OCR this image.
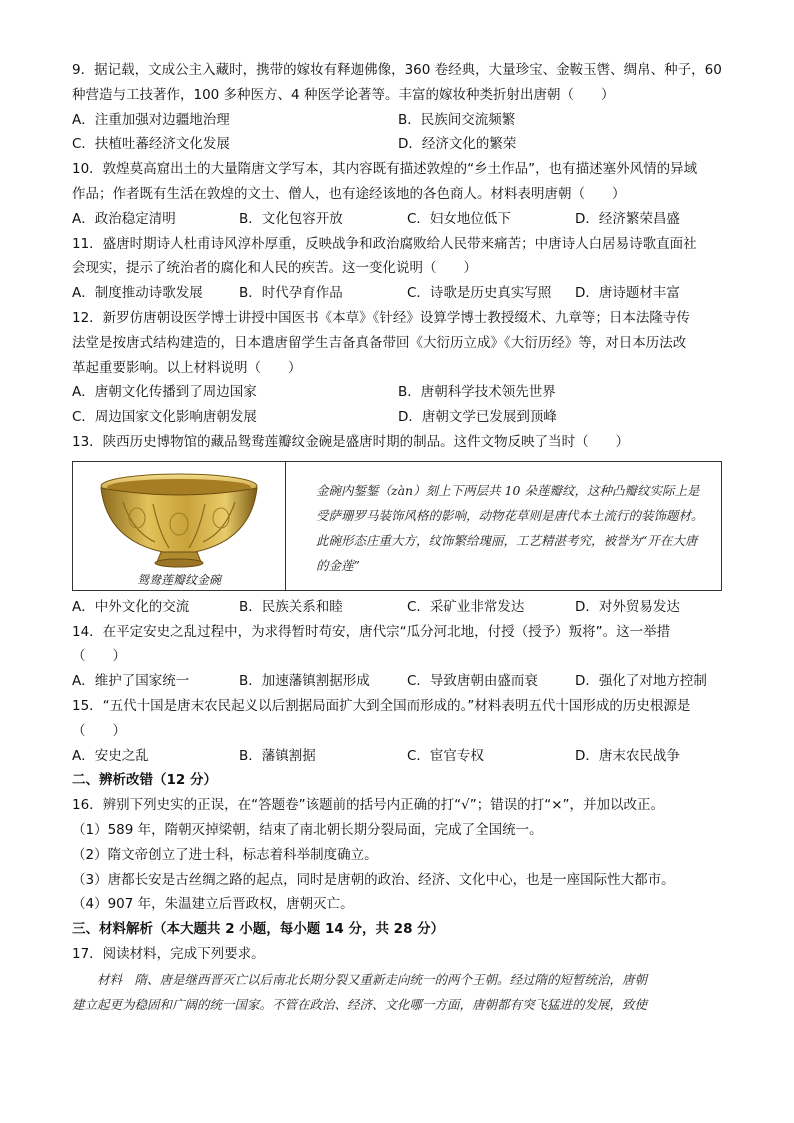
9．据记载，文成公主入藏时，携带的嫁妆有释迦佛像，360 卷经典，大量珍宝、金鞍玉辔、绸帛、种子，60

种营造与工技著作，100 多种医方、4 种医学论著等。丰富的嫁妆种类折射出唐朝（　　）

A．注重加强对边疆地治理	B．民族间交流频繁

C．扶植吐蕃经济文化发展	D．经济文化的繁荣

10．敦煌莫高窟出土的大量隋唐文学写本，其内容既有描述敦煌的“乡土作品”，也有描述塞外风情的异域

作品；作者既有生活在敦煌的文士、僧人，也有途经该地的各色商人。材料表明唐朝（　　）

A．政治稳定清明	B．文化包容开放	C．妇女地位低下	D．经济繁荣昌盛

11．盛唐时期诗人杜甫诗风淳朴厚重，反映战争和政治腐败给人民带来痛苦；中唐诗人白居易诗歌直面社

会现实，提示了统治者的腐化和人民的疾苦。这一变化说明（　　）

A．制度推动诗歌发展	B．时代孕育作品	C．诗歌是历史真实写照	D．唐诗题材丰富

12．新罗仿唐朝设医学博士讲授中国医书《本草》《针经》设算学博士教授缀术、九章等；日本法隆寺传

法堂是按唐式结构建造的，日本遣唐留学生吉备真备带回《大衍历立成》《大衍历经》等，对日本历法改

革起重要影响。以上材料说明（　　）

A．唐朝文化传播到了周边国家	B．唐朝科学技术领先世界

C．周边国家文化影响唐朝发展	D．唐朝文学已发展到顶峰

13．陕西历史博物馆的藏品鸳鸯莲瓣纹金碗是盛唐时期的制品。这件文物反映了当时（　　）

鸳鸯莲瓣纹金碗
金碗内錾錾（zàn）刻上下两层共 10 朵莲瓣纹，这种凸瓣纹实际上是受萨珊罗马装饰风格的影响，动物花草则是唐代本土流行的装饰题材。此碗形态庄重大方，纹饰繁给瑰丽，工艺精湛考究，被誉为“开在大唐的金莲”

A．中外文化的交流	B．民族关系和睦	C．采矿业非常发达	D．对外贸易发达

14．在平定安史之乱过程中，为求得暂时苟安，唐代宗“瓜分河北地，付授（授予）叛将”。这一举措

（　　）

A．维护了国家统一	B．加速藩镇割据形成	C．导致唐朝由盛而衰	D．强化了对地方控制

15．“五代十国是唐末农民起义以后割据局面扩大到全国而形成的。”材料表明五代十国形成的历史根源是

（　　）

A．安史之乱	B．藩镇割据	C．宦官专权	D．唐末农民战争

二、辨析改错（12 分）

16．辨别下列史实的正误，在“答题卷”该题前的括号内正确的打“√”；错误的打“×”，并加以改正。

（1）589 年，隋朝灭掉梁朝，结束了南北朝长期分裂局面，完成了全国统一。

（2）隋文帝创立了进士科，标志着科举制度确立。

（3）唐都长安是古丝绸之路的起点，同时是唐朝的政治、经济、文化中心，也是一座国际性大都市。

（4）907 年，朱温建立后晋政权，唐朝灭亡。

三、材料解析（本大题共 2 小题，每小题 14 分，共 28 分）

17．阅读材料，完成下列要求。

材料　隋、唐是继西晋灭亡以后南北长期分裂又重新走向统一的两个王朝。经过隋的短暂统治，唐朝

建立起更为稳固和广阔的统一国家。不管在政治、经济、文化哪一方面，唐朝都有突飞猛进的发展，致使
